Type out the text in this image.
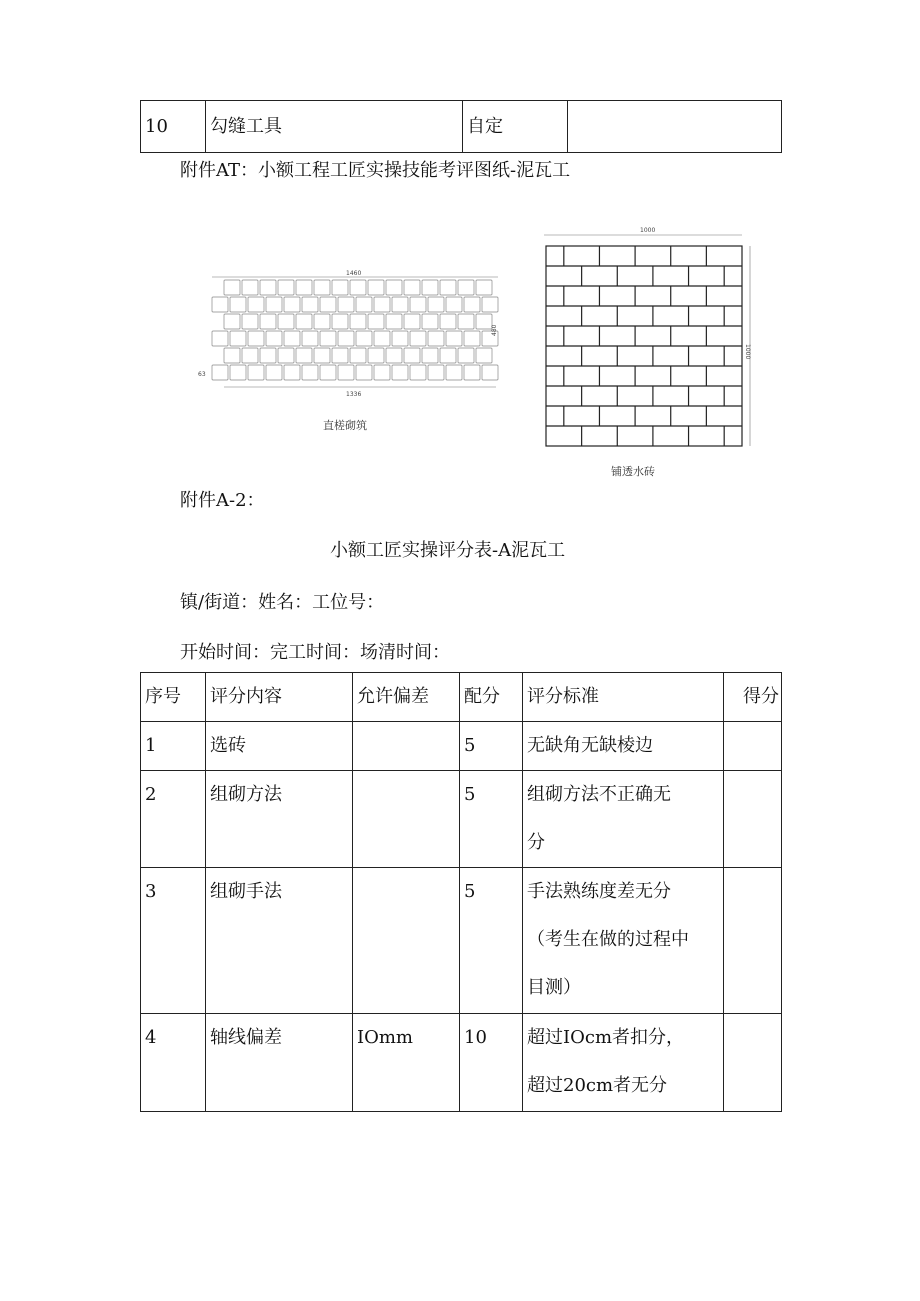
10	勾缝工具	自定	
附件AT：小额工程工匠实操技能考评图纸-泥瓦工
1460
480
63
1336
直槎砌筑
1000
1000
铺透水砖
附件A-2：
小额工匠实操评分表-A泥瓦工
镇/街道：姓名：工位号：
开始时间：完工时间：场清时间：
序号	评分内容	允许偏差	配分	评分标准	得分
1	选砖		5	无缺角无缺棱边	

2	组砌方法		5	组砌方法不正确无
分	

3	组砌手法		5	手法熟练度差无分
（考生在做的过程中
目测）	

4	轴线偏差	IOmm	10	超过IOcm者扣分，
超过20cm者无分	
